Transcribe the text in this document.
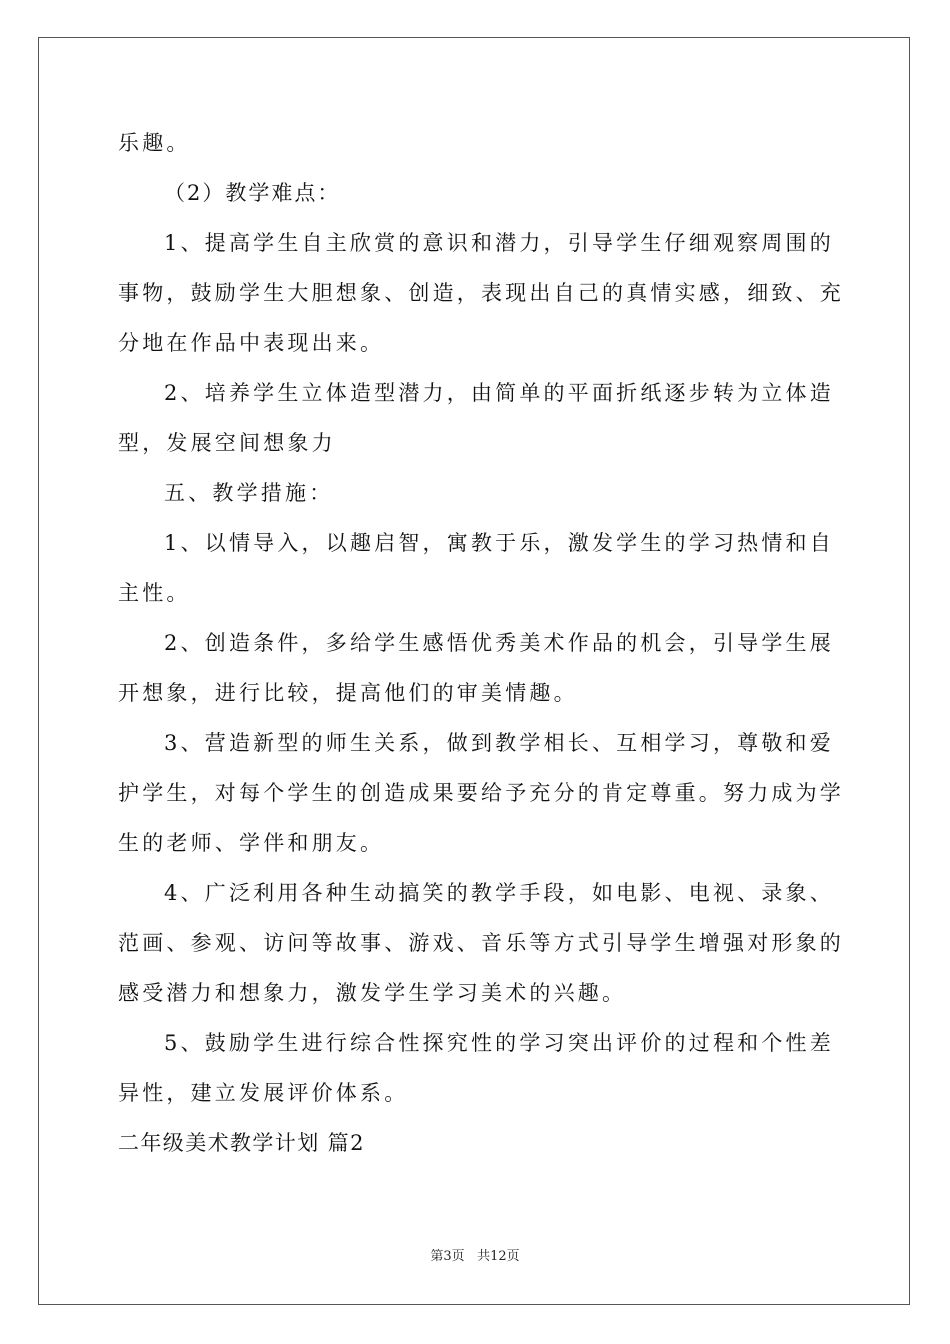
乐趣。
（2）教学难点：
1、提高学生自主欣赏的意识和潜力，引导学生仔细观察周围的
事物，鼓励学生大胆想象、创造，表现出自己的真情实感，细致、充
分地在作品中表现出来。
2、培养学生立体造型潜力，由简单的平面折纸逐步转为立体造
型，发展空间想象力
五、教学措施：
1、以情导入，以趣启智，寓教于乐，激发学生的学习热情和自
主性。
2、创造条件，多给学生感悟优秀美术作品的机会，引导学生展
开想象，进行比较，提高他们的审美情趣。
3、营造新型的师生关系，做到教学相长、互相学习，尊敬和爱
护学生，对每个学生的创造成果要给予充分的肯定尊重。努力成为学
生的老师、学伴和朋友。
4、广泛利用各种生动搞笑的教学手段，如电影、电视、录象、
范画、参观、访问等故事、游戏、音乐等方式引导学生增强对形象的
感受潜力和想象力，激发学生学习美术的兴趣。
5、鼓励学生进行综合性探究性的学习突出评价的过程和个性差
异性，建立发展评价体系。
二年级美术教学计划 篇2
第3页 共12页
